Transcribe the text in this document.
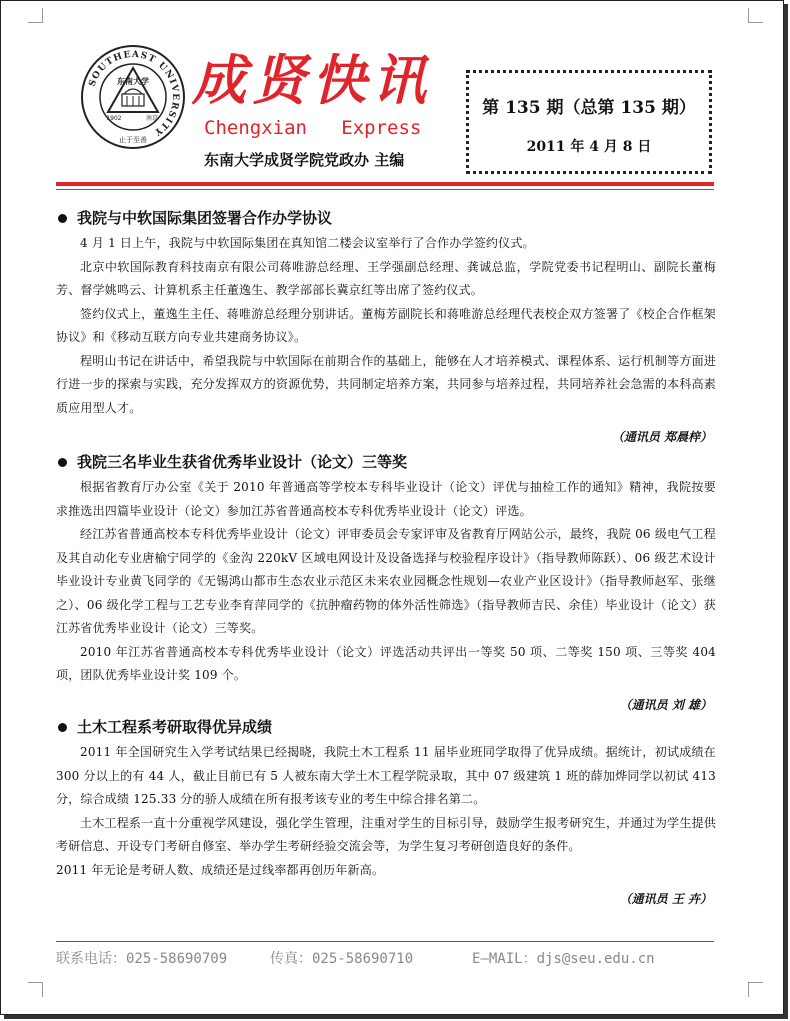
SOUTHEAST UNIVERSITY
东南大学
1902	南京
止于至善
成贤快讯
Chengxian   Express
东南大学成贤学院党政办 主编
第 135 期（总第 135 期）
2011 年 4 月 8 日
我院与中软国际集团签署合作办学协议

4 月 1 日上午，我院与中软国际集团在真知馆二楼会议室举行了合作办学签约仪式。

北京中软国际教育科技南京有限公司蒋唯游总经理、王学强副总经理、龚诚总监，学院党委书记程明山、副院长董梅芳、督学姚鸣云、计算机系主任董逸生、教学部部长冀京红等出席了签约仪式。

签约仪式上，董逸生主任、蒋唯游总经理分别讲话。董梅芳副院长和蒋唯游总经理代表校企双方签署了《校企合作框架协议》和《移动互联方向专业共建商务协议》。

程明山书记在讲话中，希望我院与中软国际在前期合作的基础上，能够在人才培养模式、课程体系、运行机制等方面进行进一步的探索与实践，充分发挥双方的资源优势，共同制定培养方案，共同参与培养过程，共同培养社会急需的本科高素质应用型人才。

（通讯员 郑晨梓）
我院三名毕业生获省优秀毕业设计（论文）三等奖

根据省教育厅办公室《关于 2010 年普通高等学校本专科毕业设计（论文）评优与抽检工作的通知》精神，我院按要求推选出四篇毕业设计（论文）参加江苏省普通高校本专科优秀毕业设计（论文）评选。

经江苏省普通高校本专科优秀毕业设计（论文）评审委员会专家评审及省教育厅网站公示，最终，我院 06 级电气工程及其自动化专业唐榆宁同学的《金沟 220kV 区域电网设计及设备选择与校验程序设计》（指导教师陈跃）、06 级艺术设计毕业设计专业黄飞同学的《无锡鸿山都市生态农业示范区未来农业园概念性规划—农业产业区设计》（指导教师赵军、张继之）、06 级化学工程与工艺专业李育萍同学的《抗肿瘤药物的体外活性筛选》（指导教师吉民、余佳）毕业设计（论文）获江苏省优秀毕业设计（论文）三等奖。

2010 年江苏省普通高校本专科优秀毕业设计（论文）评选活动共评出一等奖 50 项、二等奖 150 项、三等奖 404 项，团队优秀毕业设计奖 109 个。

（通讯员 刘 雄）
土木工程系考研取得优异成绩

2011 年全国研究生入学考试结果已经揭晓，我院土木工程系 11 届毕业班同学取得了优异成绩。据统计，初试成绩在 300 分以上的有 44 人，截止目前已有 5 人被东南大学土木工程学院录取，其中 07 级建筑 1 班的薛加烨同学以初试 413 分，综合成绩 125.33 分的骄人成绩在所有报考该专业的考生中综合排名第二。

土木工程系一直十分重视学风建设，强化学生管理，注重对学生的目标引导，鼓励学生报考研究生，并通过为学生提供考研信息、开设专门考研自修室、举办学生考研经验交流会等，为学生复习考研创造良好的条件。

2011 年无论是考研人数、成绩还是过线率都再创历年新高。

（通讯员 王 卉）
联系电话：025-58690709	传真：025-58690710	E—MAIL：djs@seu.edu.cn
